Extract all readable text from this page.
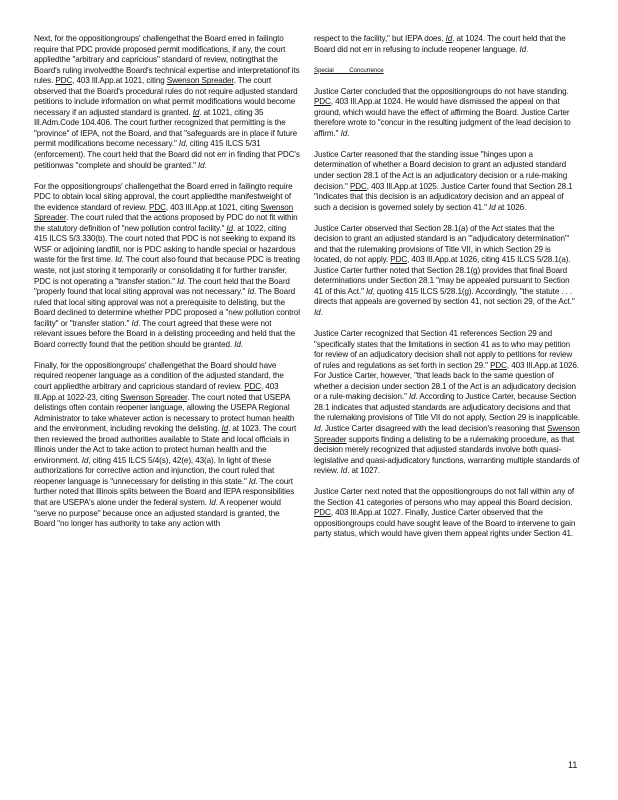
Next, for the oppositiongroups' challengethat the Board erred in failingto require that PDC provide proposed permit modifications, if any, the court appliedthe "arbitrary and capricious" standard of review, notingthat the Board's ruling involvedthe Board's technical expertise and interpretationof its rules. PDC, 403 Ill.App.at 1021, citing Swenson Spreader. The court observed that the Board's procedural rules do not require adjusted standard petitions to include information on what permit modifications would become necessary if an adjusted standard is granted. Id. at 1021, citing 35 Ill.Adm.Code 104.406. The court further recognized that permitting is the "province" of IEPA, not the Board, and that "safeguards are in place if future permit modifications become necessary." Id, citing 415 ILCS 5/31 (enforcement). The court held that the Board did not err in finding that PDC's petitionwas "complete and should be granted." Id.

For the oppositiongroups' challengethat the Board erred in failingto require PDC to obtain local siting approval, the court appliedthe manifestweight of the evidence standard of review. PDC, 403 Ill.App.at 1021, citing Swenson Spreader. The court ruled that the actions proposed by PDC do not fit within the statutory definition of "new pollution control facility." Id. at 1022, citing 415 ILCS 5/3.330(b). The court noted that PDC is not seeking to expand its WSF or adjoining landfill, nor is PDC asking to handle special or hazardous waste for the first time. Id. The court also found that because PDC is treating waste, not just storing it temporarily or consolidating it for further transfer, PDC is not operating a "transfer station." Id. The court held that the Board "properly found that local siting approval was not necessary." Id. The Board ruled that local siting approval was not a prerequisite to delisting, but the Board declined to determine whether PDC proposed a "new pollution control facility" or "transfer station." Id. The court agreed that these were not relevant issues before the Board in a delisting proceeding and held that the Board correctly found that the petition should be granted. Id.

Finally, for the oppositiongroups' challengethat the Board should have required reopener language as a condition of the adjusted standard, the court appliedthe arbitrary and capricious standard of review. PDC, 403 Ill.App.at 1022-23, citing Swenson Spreader. The court noted that USEPA delistings often contain reopener language, allowing the USEPA Regional Administrator to take whatever action is necessary to protect human health and the environment, including revoking the delisting. Id. at 1023. The court then reviewed the broad authorities available to State and local officials in Illinois under the Act to take action to protect human health and the environment. Id, citing 415 ILCS 5/4(s), 42(e), 43(a). In light of these authorizations for corrective action and injunction, the court ruled that reopener language is "unnecessary for delisting in this state." Id. The court further noted that Illinois splits between the Board and IEPA responsibilities that are USEPA's alone under the federal system. Id. A reopener would "serve no purpose" because once an adjusted standard is granted, the Board "no longer has authority to take any action with

respect to the facility," but IEPA does. Id. at 1024. The court held that the Board did not err in refusing to include reopener language. Id.

Special Concurrence

Justice Carter concluded that the oppositiongroups do not have standing. PDC, 403 Ill.App.at 1024. He would have dismissed the appeal on that ground, which would have the effect of affirming the Board. Justice Carter therefore wrote to "concur in the resulting judgment of the lead decision to affirm." Id.

Justice Carter reasoned that the standing issue "hinges upon a determination of whether a Board decision to grant an adjusted standard under section 28.1 of the Act is an adjudicatory decision or a rule-making decision." PDC, 403 Ill.App.at 1025. Justice Carter found that Section 28.1 "indicates that this decision is an adjudicatory decision and an appeal of such a decision is governed solely by section 41." Id at 1026.

Justice Carter observed that Section 28.1(a) of the Act states that the decision to grant an adjusted standard is an "'adjudicatory determination'" and that the rulemaking provisions of Title VII, in which Section 29 is located, do not apply. PDC, 403 Ill.App.at 1026, citing 415 ILCS 5/28.1(a). Justice Carter further noted that Section 28.1(g) provides that final Board determinations under Section 28.1 "may be appealed pursuant to Section 41 of this Act." Id, quoting 415 ILCS 5/28.1(g). Accordingly, "the statute . . . directs that appeals are governed by section 41, not section 29, of the Act." Id.

Justice Carter recognized that Section 41 references Section 29 and "specifically states that the limitations in section 41 as to who may petition for review of an adjudicatory decision shall not apply to petitions for review of rules and regulations as set forth in section 29." PDC, 403 Ill.App.at 1026. For Justice Carter, however, "that leads back to the same question of whether a decision under section 28.1 of the Act is an adjudicatory decision or a rule-making decision." Id. According to Justice Carter, because Section 28.1 indicates that adjusted standards are adjudicatory decisions and that the rulemaking provisions of Title VII do not apply, Section 29 is inapplicable. Id. Justice Carter disagreed with the lead decision's reasoning that Swenson Spreader supports finding a delisting to be a rulemaking procedure, as that decision merely recognized that adjusted standards involve both quasi-legislative and quasi-adjudicatory functions, warranting multiple standards of review. Id. at 1027.

Justice Carter next noted that the oppositiongroups do not fall within any of the Section 41 categories of persons who may appeal this Board decision. PDC, 403 Ill.App.at 1027. Finally, Justice Carter observed that the oppositiongroups could have sought leave of the Board to intervene to gain party status, which would have given them appeal rights under Section 41.

11
